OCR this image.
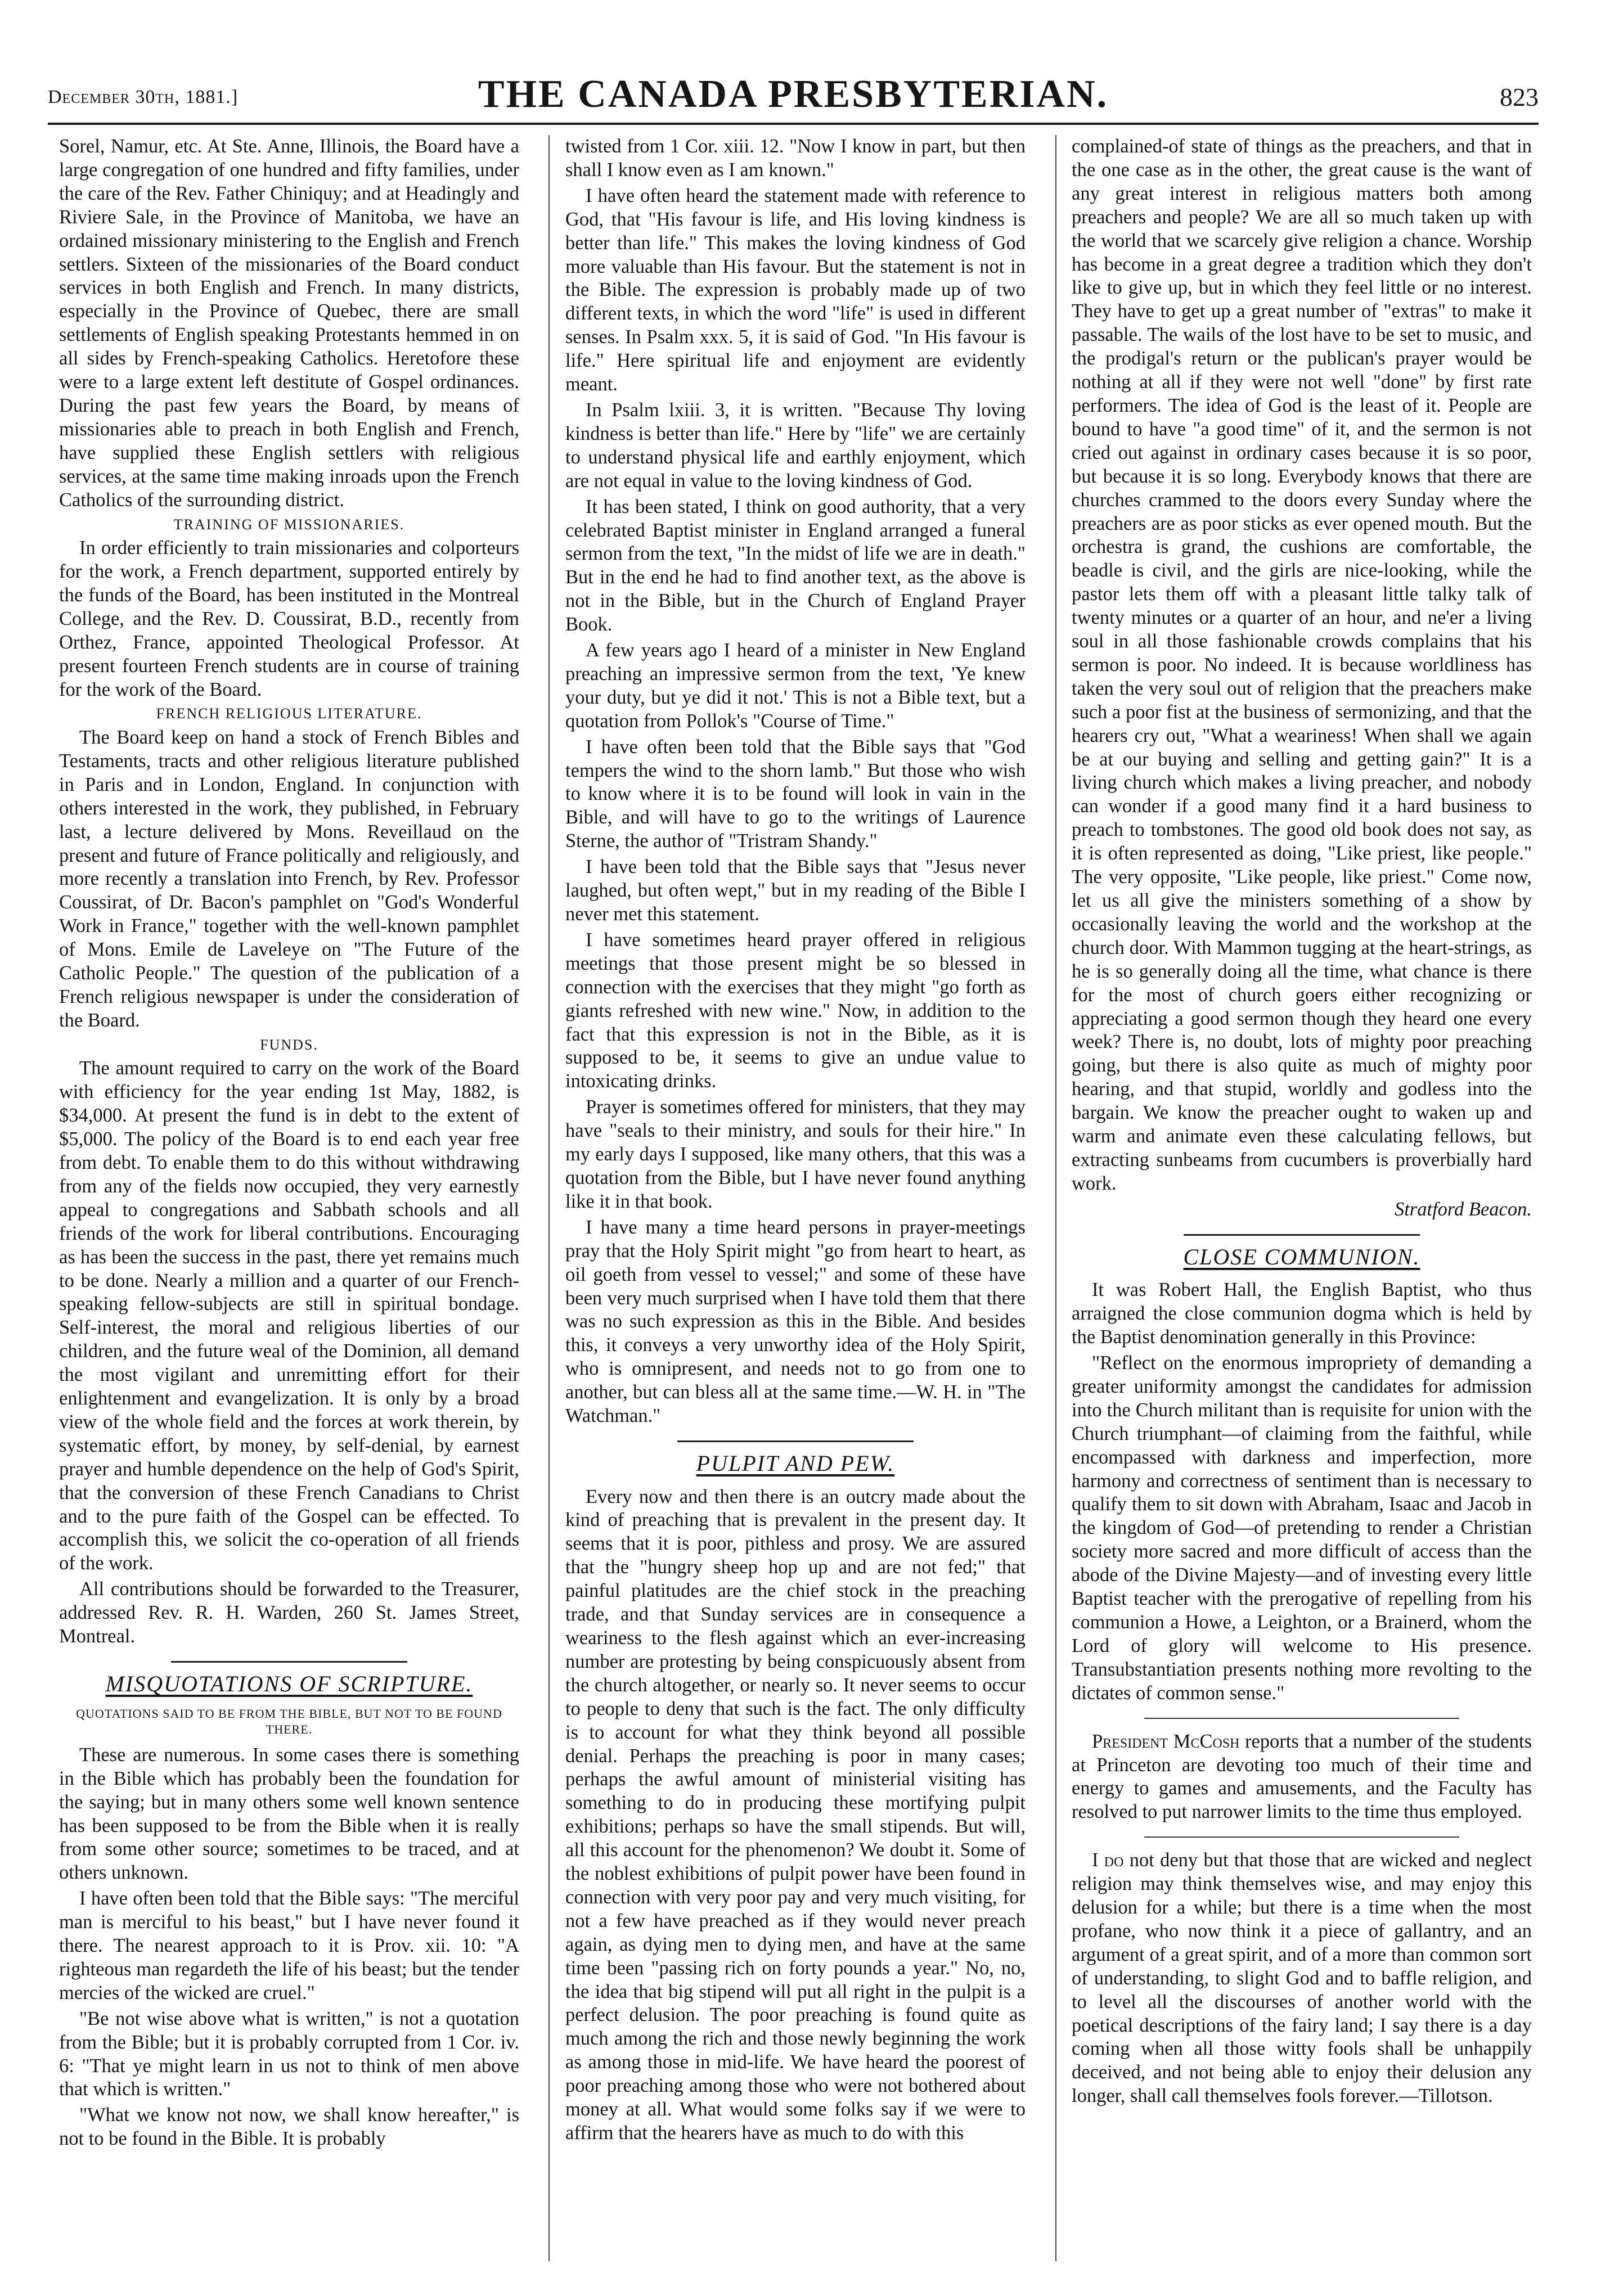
December 30th, 1881.]	THE CANADA PRESBYTERIAN.	823

Sorel, Namur, etc. At Ste. Anne, Illinois, the Board have a large congregation of one hundred and fifty families, under the care of the Rev. Father Chiniquy; and at Headingly and Riviere Sale, in the Province of Manitoba, we have an ordained missionary ministering to the English and French settlers. Sixteen of the missionaries of the Board conduct services in both English and French. In many districts, especially in the Province of Quebec, there are small settlements of English speaking Protestants hemmed in on all sides by French-speaking Catholics. Heretofore these were to a large extent left destitute of Gospel ordinances. During the past few years the Board, by means of missionaries able to preach in both English and French, have supplied these English settlers with religious services, at the same time making inroads upon the French Catholics of the surrounding district.

TRAINING OF MISSIONARIES.

In order efficiently to train missionaries and colporteurs for the work, a French department, supported entirely by the funds of the Board, has been instituted in the Montreal College, and the Rev. D. Coussirat, B.D., recently from Orthez, France, appointed Theological Professor. At present fourteen French students are in course of training for the work of the Board.

FRENCH RELIGIOUS LITERATURE.

The Board keep on hand a stock of French Bibles and Testaments, tracts and other religious literature published in Paris and in London, England. In conjunction with others interested in the work, they published, in February last, a lecture delivered by Mons. Reveillaud on the present and future of France politically and religiously, and more recently a translation into French, by Rev. Professor Coussirat, of Dr. Bacon's pamphlet on "God's Wonderful Work in France," together with the well-known pamphlet of Mons. Emile de Laveleye on "The Future of the Catholic People." The question of the publication of a French religious newspaper is under the consideration of the Board.

FUNDS.

The amount required to carry on the work of the Board with efficiency for the year ending 1st May, 1882, is $34,000. At present the fund is in debt to the extent of $5,000. The policy of the Board is to end each year free from debt. To enable them to do this without withdrawing from any of the fields now occupied, they very earnestly appeal to congregations and Sabbath schools and all friends of the work for liberal contributions. Encouraging as has been the success in the past, there yet remains much to be done. Nearly a million and a quarter of our French-speaking fellow-subjects are still in spiritual bondage. Self-interest, the moral and religious liberties of our children, and the future weal of the Dominion, all demand the most vigilant and unremitting effort for their enlightenment and evangelization. It is only by a broad view of the whole field and the forces at work therein, by systematic effort, by money, by self-denial, by earnest prayer and humble dependence on the help of God's Spirit, that the conversion of these French Canadians to Christ and to the pure faith of the Gospel can be effected. To accomplish this, we solicit the co-operation of all friends of the work.

All contributions should be forwarded to the Treasurer, addressed Rev. R. H. Warden, 260 St. James Street, Montreal.

MISQUOTATIONS OF SCRIPTURE.
QUOTATIONS SAID TO BE FROM THE BIBLE, BUT NOT TO BE FOUND THERE.

These are numerous. In some cases there is something in the Bible which has probably been the foundation for the saying; but in many others some well known sentence has been supposed to be from the Bible when it is really from some other source; sometimes to be traced, and at others unknown.

I have often been told that the Bible says: "The merciful man is merciful to his beast," but I have never found it there. The nearest approach to it is Prov. xii. 10: "A righteous man regardeth the life of his beast; but the tender mercies of the wicked are cruel."

"Be not wise above what is written," is not a quotation from the Bible; but it is probably corrupted from 1 Cor. iv. 6: "That ye might learn in us not to think of men above that which is written."

"What we know not now, we shall know hereafter," is not to be found in the Bible. It is probably

twisted from 1 Cor. xiii. 12. "Now I know in part, but then shall I know even as I am known."

I have often heard the statement made with reference to God, that "His favour is life, and His loving kindness is better than life." This makes the loving kindness of God more valuable than His favour. But the statement is not in the Bible. The expression is probably made up of two different texts, in which the word "life" is used in different senses. In Psalm xxx. 5, it is said of God. "In His favour is life." Here spiritual life and enjoyment are evidently meant.

In Psalm lxiii. 3, it is written. "Because Thy loving kindness is better than life." Here by "life" we are certainly to understand physical life and earthly enjoyment, which are not equal in value to the loving kindness of God.

It has been stated, I think on good authority, that a very celebrated Baptist minister in England arranged a funeral sermon from the text, "In the midst of life we are in death." But in the end he had to find another text, as the above is not in the Bible, but in the Church of England Prayer Book.

A few years ago I heard of a minister in New England preaching an impressive sermon from the text, 'Ye knew your duty, but ye did it not.' This is not a Bible text, but a quotation from Pollok's "Course of Time."

I have often been told that the Bible says that "God tempers the wind to the shorn lamb." But those who wish to know where it is to be found will look in vain in the Bible, and will have to go to the writings of Laurence Sterne, the author of "Tristram Shandy."

I have been told that the Bible says that "Jesus never laughed, but often wept," but in my reading of the Bible I never met this statement.

I have sometimes heard prayer offered in religious meetings that those present might be so blessed in connection with the exercises that they might "go forth as giants refreshed with new wine." Now, in addition to the fact that this expression is not in the Bible, as it is supposed to be, it seems to give an undue value to intoxicating drinks.

Prayer is sometimes offered for ministers, that they may have "seals to their ministry, and souls for their hire." In my early days I supposed, like many others, that this was a quotation from the Bible, but I have never found anything like it in that book.

I have many a time heard persons in prayer-meetings pray that the Holy Spirit might "go from heart to heart, as oil goeth from vessel to vessel;" and some of these have been very much surprised when I have told them that there was no such expression as this in the Bible. And besides this, it conveys a very unworthy idea of the Holy Spirit, who is omnipresent, and needs not to go from one to another, but can bless all at the same time.—W. H. in "The Watchman."

PULPIT AND PEW.

Every now and then there is an outcry made about the kind of preaching that is prevalent in the present day. It seems that it is poor, pithless and prosy. We are assured that the "hungry sheep hop up and are not fed;" that painful platitudes are the chief stock in the preaching trade, and that Sunday services are in consequence a weariness to the flesh against which an ever-increasing number are protesting by being conspicuously absent from the church altogether, or nearly so. It never seems to occur to people to deny that such is the fact. The only difficulty is to account for what they think beyond all possible denial. Perhaps the preaching is poor in many cases; perhaps the awful amount of ministerial visiting has something to do in producing these mortifying pulpit exhibitions; perhaps so have the small stipends. But will, all this account for the phenomenon? We doubt it. Some of the noblest exhibitions of pulpit power have been found in connection with very poor pay and very much visiting, for not a few have preached as if they would never preach again, as dying men to dying men, and have at the same time been "passing rich on forty pounds a year." No, no, the idea that big stipend will put all right in the pulpit is a perfect delusion. The poor preaching is found quite as much among the rich and those newly beginning the work as among those in mid-life. We have heard the poorest of poor preaching among those who were not bothered about money at all. What would some folks say if we were to affirm that the hearers have as much to do with this

complained-of state of things as the preachers, and that in the one case as in the other, the great cause is the want of any great interest in religious matters both among preachers and people? We are all so much taken up with the world that we scarcely give religion a chance. Worship has become in a great degree a tradition which they don't like to give up, but in which they feel little or no interest. They have to get up a great number of "extras" to make it passable. The wails of the lost have to be set to music, and the prodigal's return or the publican's prayer would be nothing at all if they were not well "done" by first rate performers. The idea of God is the least of it. People are bound to have "a good time" of it, and the sermon is not cried out against in ordinary cases because it is so poor, but because it is so long. Everybody knows that there are churches crammed to the doors every Sunday where the preachers are as poor sticks as ever opened mouth. But the orchestra is grand, the cushions are comfortable, the beadle is civil, and the girls are nice-looking, while the pastor lets them off with a pleasant little talky talk of twenty minutes or a quarter of an hour, and ne'er a living soul in all those fashionable crowds complains that his sermon is poor. No indeed. It is because worldliness has taken the very soul out of religion that the preachers make such a poor fist at the business of sermonizing, and that the hearers cry out, "What a weariness! When shall we again be at our buying and selling and getting gain?" It is a living church which makes a living preacher, and nobody can wonder if a good many find it a hard business to preach to tombstones. The good old book does not say, as it is often represented as doing, "Like priest, like people." The very opposite, "Like people, like priest." Come now, let us all give the ministers something of a show by occasionally leaving the world and the workshop at the church door. With Mammon tugging at the heart-strings, as he is so generally doing all the time, what chance is there for the most of church goers either recognizing or appreciating a good sermon though they heard one every week? There is, no doubt, lots of mighty poor preaching going, but there is also quite as much of mighty poor hearing, and that stupid, worldly and godless into the bargain. We know the preacher ought to waken up and warm and animate even these calculating fellows, but extracting sunbeams from cucumbers is proverbially hard work.

Stratford Beacon.
CLOSE COMMUNION.

It was Robert Hall, the English Baptist, who thus arraigned the close communion dogma which is held by the Baptist denomination generally in this Province:

"Reflect on the enormous impropriety of demanding a greater uniformity amongst the candidates for admission into the Church militant than is requisite for union with the Church triumphant—of claiming from the faithful, while encompassed with darkness and imperfection, more harmony and correctness of sentiment than is necessary to qualify them to sit down with Abraham, Isaac and Jacob in the kingdom of God—of pretending to render a Christian society more sacred and more difficult of access than the abode of the Divine Majesty—and of investing every little Baptist teacher with the prerogative of repelling from his communion a Howe, a Leighton, or a Brainerd, whom the Lord of glory will welcome to His presence. Transubstantiation presents nothing more revolting to the dictates of common sense."

President McCosh reports that a number of the students at Princeton are devoting too much of their time and energy to games and amusements, and the Faculty has resolved to put narrower limits to the time thus employed.

I do not deny but that those that are wicked and neglect religion may think themselves wise, and may enjoy this delusion for a while; but there is a time when the most profane, who now think it a piece of gallantry, and an argument of a great spirit, and of a more than common sort of understanding, to slight God and to baffle religion, and to level all the discourses of another world with the poetical descriptions of the fairy land; I say there is a day coming when all those witty fools shall be unhappily deceived, and not being able to enjoy their delusion any longer, shall call themselves fools forever.—Tillotson.
